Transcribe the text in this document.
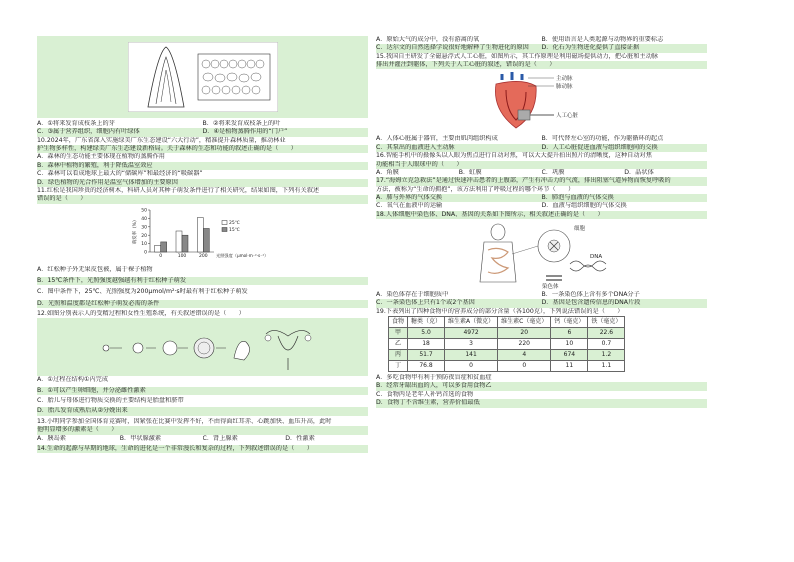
A．①将来发育成枝条上的芽	B．②将来发育成枝条上的叶
C．③属于营养组织，细胞内有叶绿体	D．④是植物蒸腾作用的“门户”
10.2024年，广东省深入实施绿美广东生态建设“六大行动”，精准提升森林质量，推动林业
护生物多样性，构建绿美广东生态建设新格局。关于森林的生态和功能的叙述正确的是（　　）
A．森林的生态功能主要体现在植物的蒸腾作用
B．森林中植物的繁殖，利于降低温室效应
C．森林可以看成地球上最大的“储碳库”和最经济的“吸碳器”
D．绿色植物的光合作用是温室气体增加的主要原因
11.红松是我国珍贵的经济树木，科研人员对其种子萌发条件进行了相关研究，结果如图，下列有关叙述
错误的是（　　）
0
10
20
30
40
50
萌发率（%）
0	100	200 光照强度（μmol·m⁻²·s⁻¹）
25℃
15℃
A．红松种子外无果皮包被，属于裸子植物
B．15℃条件下，光照强度越强越有利于红松种子萌发
C．图中条件下，25℃、光照强度为200μmol/m²·s时最有利于红松种子萌发
D．光照和温度都是红松种子萌发必需的条件
12.如图分别表示人的受精过程和女性生殖系统，有关叙述错误的是（　　）
A．①过程在结构①内完成
B．①可以产生卵细胞，并分泌雌性激素
C．胎儿与母体进行物质交换的主要结构是胎盘和脐带
D．胎儿发育成熟后从②分娩出来
13.小明同学参加全国体育竞赛时，因紧张在比赛中发挥不好，不由得面红耳赤、心跳加快、血压升高，此时
他明显增多的激素是（　　）
A．胰岛素	B．甲状腺激素	C．肾上腺素	D．性激素
14.生命的起源与早期的地球，生命的进化是一个非常漫长和复杂的过程，下列叙述错误的是（　　）
A．原始大气的成分中，没有游离的氧	B．使用语言是人类起源与动物界的重要标志
C．达尔文的自然选择学说很好地解释了生物进化的原因	D．化石为生物进化提供了直接证据
15.我国自主研发了全磁悬浮式人工心脏，如图所示，其工作原理是利用磁场提供动力，把心脏和主动脉
排出并灌注到躯体，下列关于人工心脏的叙述，错误的是（　　）
主动脉
肺动脉
人工心脏
A．人体心脏属于器官，主要由肌肉组织构成	B．可代替左心室的功能，作为躯循环的起点
C．其泵出的血液进入主动脉	D．人工心脏促进血液与组织细胞间的交换
16.智能手机中的摄像头以人眼为焦点进行自动对焦，可以大大提升拍出照片的清晰度，这种自动对焦
功能相当于人眼球中的（　　）
A．角膜	B．虹膜	C．巩膜	D．晶状体
17.“海姆立克急救法”是通过快速冲击患者的上腹部，产生有冲击力的气流，排出阻塞气道异物而恢复呼吸的
方法，被称为“生命的拥抱”，该方法利用了呼吸过程的哪个环节（　　）
A．肺与外界的气体交换	B．肺泡与血液的气体交换
C．氧气在血液中的运输	D．血液与组织细胞的气体交换
18.人体细胞中染色体、DNA、基因的关系如下图所示，相关叙述正确的是（　　）
细胞
DNA
染色体
A．染色体存在于细胞质中	B．一条染色体上含有多个DNA分子
C．一条染色体上只有1个或2个基因	D．基因是包含遗传信息的DNA片段
19.下表列出了四种食物中的营养成分的部分含量（各100克），下列说法错误的是（　　）
食物	糖类（克）	维生素A（微克）	维生素C（毫克）	钙（毫克）	铁（毫克）
甲	5.0	4972	20	6	22.6
乙	18	3	220	10	0.7
丙	51.7	141	4	674	1.2
丁	76.8	0	0	11	1.1
A．多吃食物甲有利于预防夜盲症和贫血症
B．经常牙龈出血的人，可以多食用食物乙
C．食物丙是老年人补钙首选的食物
D．食物丁不含维生素，营养价值最低
